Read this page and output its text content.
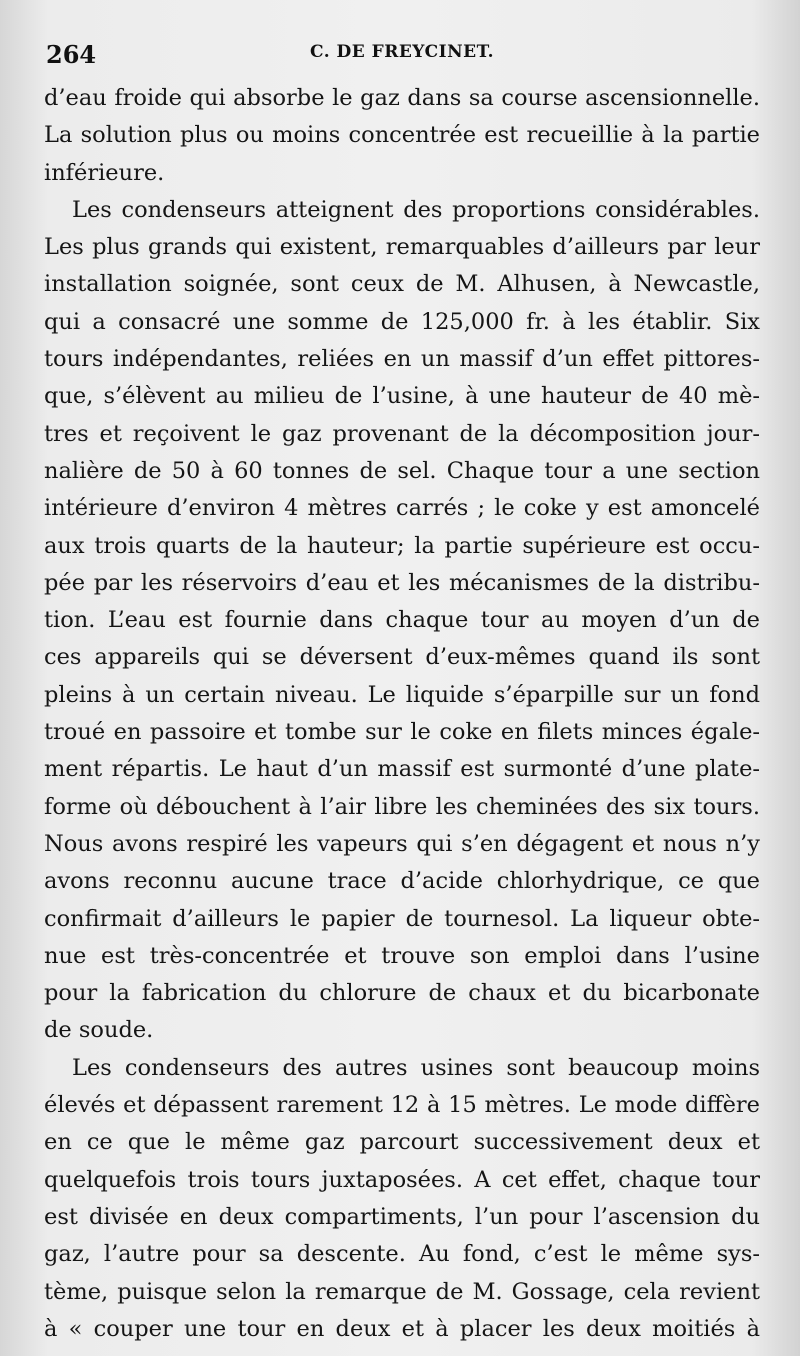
264	C. DE FREYCINET.
d’eau froide qui absorbe le gaz dans sa course ascensionnelle.
La solution plus ou moins concentrée est recueillie à la partie
inférieure.
Les condenseurs atteignent des proportions considérables.
Les plus grands qui existent, remarquables d’ailleurs par leur
installation soignée, sont ceux de M. Alhusen, à Newcastle,
qui a consacré une somme de 125,000 fr. à les établir. Six
tours indépendantes, reliées en un massif d’un effet pittores-
que, s’élèvent au milieu de l’usine, à une hauteur de 40 mè-
tres et reçoivent le gaz provenant de la décomposition jour-
nalière de 50 à 60 tonnes de sel. Chaque tour a une section
intérieure d’environ 4 mètres carrés ; le coke y est amoncelé
aux trois quarts de la hauteur; la partie supérieure est occu-
pée par les réservoirs d’eau et les mécanismes de la distribu-
tion. L’eau est fournie dans chaque tour au moyen d’un de
ces appareils qui se déversent d’eux-mêmes quand ils sont
pleins à un certain niveau. Le liquide s’éparpille sur un fond
troué en passoire et tombe sur le coke en filets minces égale-
ment répartis. Le haut d’un massif est surmonté d’une plate-
forme où débouchent à l’air libre les cheminées des six tours.
Nous avons respiré les vapeurs qui s’en dégagent et nous n’y
avons reconnu aucune trace d’acide chlorhydrique, ce que
confirmait d’ailleurs le papier de tournesol. La liqueur obte-
nue est très-concentrée et trouve son emploi dans l’usine
pour la fabrication du chlorure de chaux et du bicarbonate
de soude.
Les condenseurs des autres usines sont beaucoup moins
élevés et dépassent rarement 12 à 15 mètres. Le mode diffère
en ce que le même gaz parcourt successivement deux et
quelquefois trois tours juxtaposées. A cet effet, chaque tour
est divisée en deux compartiments, l’un pour l’ascension du
gaz, l’autre pour sa descente. Au fond, c’est le même sys-
tème, puisque selon la remarque de M. Gossage, cela revient
à « couper une tour en deux et à placer les deux moitiés à
